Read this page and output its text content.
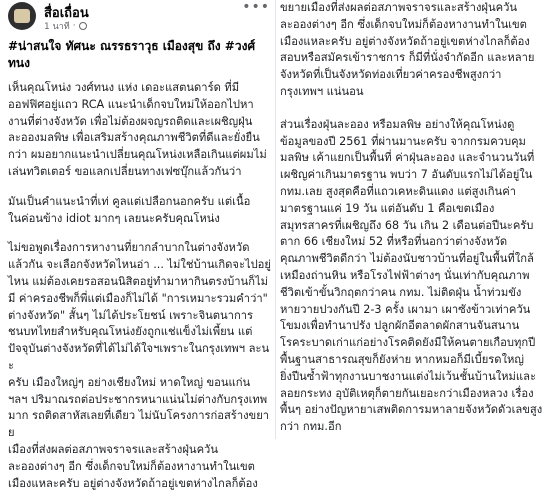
สื่อเถื่อน
1 นาที ·
•••
#น่าสนใจ ทัศนะ ณรรธราวุธ เมืองสุข ถึง #วงศ์ทนง
เห็นคุณโหน่ง วงศ์ทนง แห่ง เดอะแสตนดาร์ด ที่มี
ออฟฟิศอยู่แถว RCA แนะนำเด็กจบใหม่ให้ออกไปหา
งานที่ต่างจังหวัด เพื่อไม่ต้องผจญรถติดและเผชิญฝุ่น
ละอองมลพิษ เพื่อเสริมสร้างคุณภาพชีวิตที่ดีและยั่งยืน
กว่า ผมอยากแนะนำเปลี่ยนคุณโหน่งเหลือเกินแต่ผมไม่
เล่นทวิตเตอร์ ขอแลกเปลี่ยนทางเฟซบุ๊กแล้วกันว่า
มันเป็นคำแนะนำที่เท่ คูลแต่เปลือกนอกครับ แต่เนื้อ
ในค่อนข้าง idiot มากๆ เลยนะครับคุณโหน่ง
ไม่ขอพูดเรื่องการหางานที่ยากลำบากในต่างจังหวัด
แล้วกัน จะเลือกจังหวัดไหนอ่า ... ไม่ใช่บ้านเกิดจะไปอยู่
ไหน แม่ต้องเคยรอสอนนิสิตอยู่ทำมาหากินตรงบ้านก็ไม่
มี ค่าครองชีพก็พี่แต่เมืองก็ไม่ได้ "การเหมาะรวมคำว่า"
ต่างจังหวัด" สั้นๆ ไม่ได้ประโยชน์ เพราะจินตนาการ
ชนบทไทยสำหรับคุณโหน่งยังถูกแช่แข็งไม่เพี้ยน แต่
ปัจจุบันต่างจังหวัดที่ได้ไม่ได้ใจฯเพราะในกรุงเทพฯ ละนะ
ครับ เมืองใหญ่ๆ อย่างเชียงใหม่ หาดใหญ่ ขอนแก่น
ฯลฯ ปริมาณรถต่อประชากรหนาแน่นไม่ต่างกับกรุงเทพ
มาก รถติดสาหัสเลยที่เดียว ไม่นับโครงการก่อสร้างขยาย
เมืองที่ส่งผลต่อสภาพจราจรและสร้างฝุ่นควัน
ละอองต่างๆ อีก ซึ่งเด็กจบใหม่ก็ต้องหางานทำในเขต
เมืองแหละครับ อยู่ต่างจังหวัดถ้าอยู่เขตห่างไกลก็ต้อง
ขยายเมืองที่ส่งผลต่อสภาพจราจรและสร้างฝุ่นควัน
ละอองต่างๆ อีก ซึ่งเด็กจบใหม่ก็ต้องหางานทำในเขต
เมืองแหละครับ อยู่ต่างจังหวัดถ้าอยู่เขตห่างไกลก็ต้อง
สอบหรือสมัครเข้าราชการ ก็มีที่นั่งจำกัดอีก และหลาย
จังหวัดที่เป็นจังหวัดท่องเที่ยวค่าครองชีพสูงกว่า
กรุงเทพฯ แน่นอน
ส่วนเรื่องฝุ่นละออง หรือมลพิษ อย่างให้คุณโหน่งดู
ข้อมูลของปี 2561 ที่ผ่านมานะครับ จากกรมควบคุม
มลพิษ เค้าแยกเป็นพื้นที่ ค่าฝุ่นละออง และจำนวนวันที่
เผชิญค่าเกินมาตรฐาน พบว่า 7 อันดับแรกไม่ได้อยู่ใน
กทม.เลย สูงสุดคือที่แถวเคหะดินแดง แต่สูงเกินค่า
มาตรฐานแค่ 19 วัน แต่อันดับ 1 คือเขตเมือง
สมุทรสาครที่เผชิญถึง 68 วัน เกิน 2 เดือนต่อปีนะครับ
ตาก 66 เชียงใหม่ 52 ที่หรือที่นอกว่าต่างจังหวัด
คุณภาพชีวิตดีกว่า ไม่ต้องนับชาวบ้านที่อยู่ในพื้นที่ใกล้
เหมืองถ่านหิน หรือโรงไฟฟ้าต่างๆ นั่นเท่ากับคุณภาพ
ชีวิตเข้าขั้นวิกฤตกว่าคน กทม. ไม่ติดฝุ่น น้ำท่วมขัง
หายวายปวงกันปี 2-3 ครั้ง เผามา เผาซังข้าวเท่าควัน
โขมงเพื่อทำนาปรัง ปลูกผักอีตลาดผักสานจันสนาน
โรคระบาดเก่าแก่อย่างโรคติดยังมีให้คนตายเกือบทุกปี
พื้นฐานสาธารณสุขก็ยังห่าย หากหมอก็มีเบี้ยรดใหญ่
ยิ่งปีนซ้ำฟ้าทุกงานบาชงานแต่งไม่เว้นชั้นบ้านใหม่และ
ลอยกระทง อุบัติเหตุก็ตายกันเยอะกว่าเมืองหลวง เรื่อง
พื้นๆ อย่างปัญหายาเสพติดการมหาลายจังหวัดดัวเลขสูง
กว่า กทม.อีก
